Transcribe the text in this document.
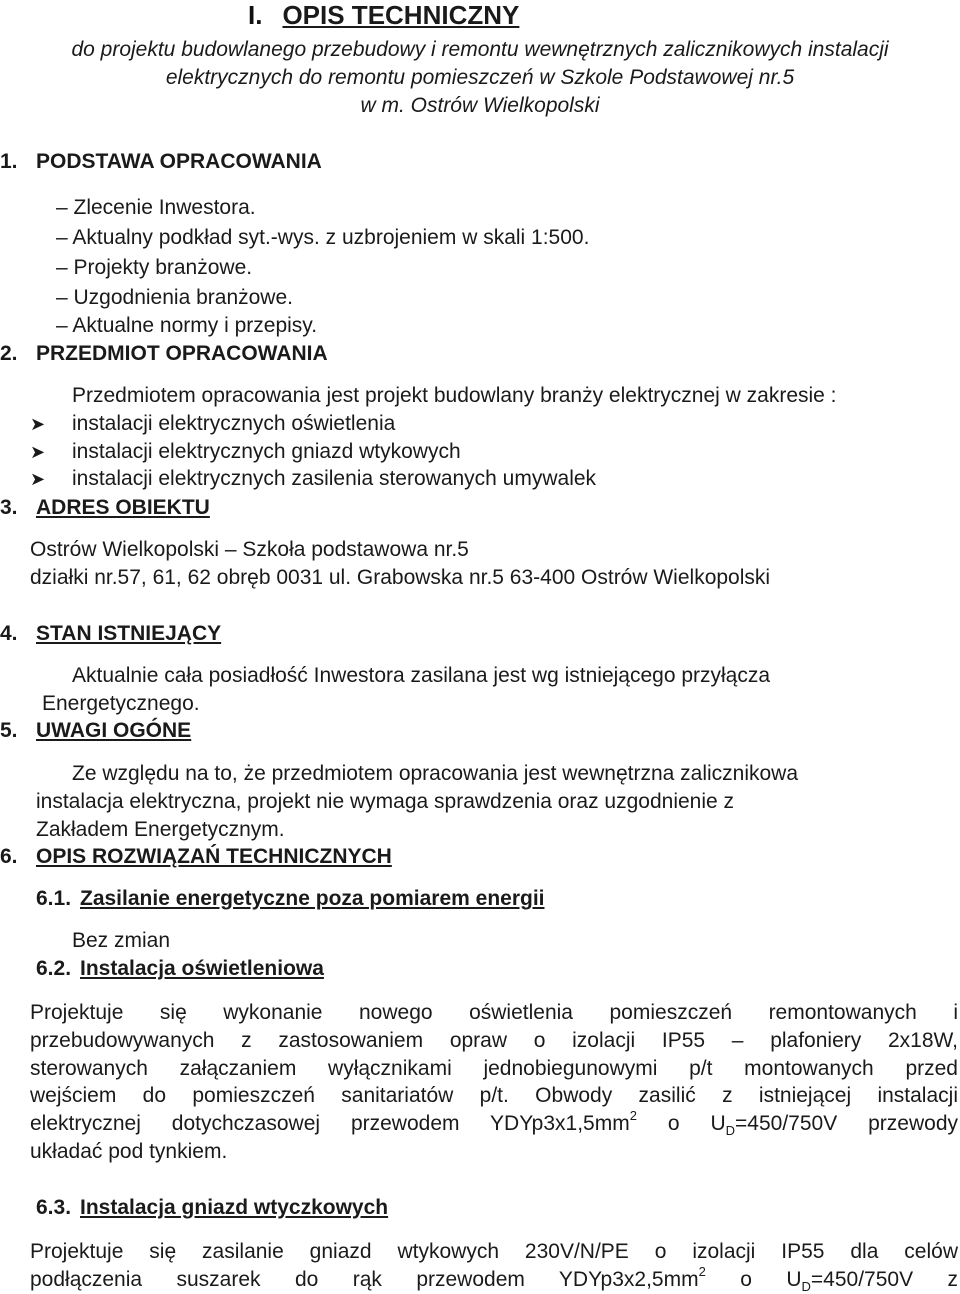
I. OPIS TECHNICZNY
do projektu budowlanego przebudowy i remontu wewnętrznych zalicznikowych instalacji
elektrycznych do remontu pomieszczeń w Szkole Podstawowej nr.5
w m. Ostrów Wielkopolski
1. PODSTAWA OPRACOWANIA
– Zlecenie Inwestora.
– Aktualny podkład syt.-wys. z uzbrojeniem w skali 1:500.
– Projekty branżowe.
– Uzgodnienia branżowe.
– Aktualne normy i przepisy.
2. PRZEDMIOT OPRACOWANIA
Przedmiotem opracowania jest projekt budowlany branży elektrycznej w zakresie :
➤ instalacji elektrycznych oświetlenia
➤ instalacji elektrycznych gniazd wtykowych
➤ instalacji elektrycznych zasilenia sterowanych umywalek
3. ADRES OBIEKTU
Ostrów Wielkopolski – Szkoła podstawowa nr.5
działki nr.57, 61, 62 obręb 0031 ul. Grabowska nr.5 63-400 Ostrów Wielkopolski
4. STAN ISTNIEJĄCY
Aktualnie cała posiadłość Inwestora zasilana jest wg istniejącego przyłącza
Energetycznego.
5. UWAGI OGÓNE
Ze względu na to, że przedmiotem opracowania jest wewnętrzna zalicznikowa
instalacja elektryczna, projekt nie wymaga sprawdzenia oraz uzgodnienie z
Zakładem Energetycznym.
6. OPIS ROZWIĄZAŃ TECHNICZNYCH
6.1. Zasilanie energetyczne poza pomiarem energii
Bez zmian
6.2. Instalacja oświetleniowa
Projektuje się wykonanie nowego oświetlenia pomieszczeń remontowanych i
przebudowywanych z zastosowaniem opraw o izolacji IP55 – plafoniery 2x18W,
sterowanych załączaniem wyłącznikami jednobiegunowymi p/t montowanych przed
wejściem do pomieszczeń sanitariatów p/t. Obwody zasilić z istniejącej instalacji
elektrycznej dotychczasowej przewodem $YDYp3x1,5mm^2$ o $U_D=450/750V$ przewody
układać pod tynkiem.
6.3. Instalacja gniazd wtyczkowych
Projektuje się zasilanie gniazd wtykowych 230V/N/PE o izolacji IP55 dla celów
podłączenia suszarek do rąk przewodem $YDYp3x2,5mm^2$ o $U_D=450/750V$ z
